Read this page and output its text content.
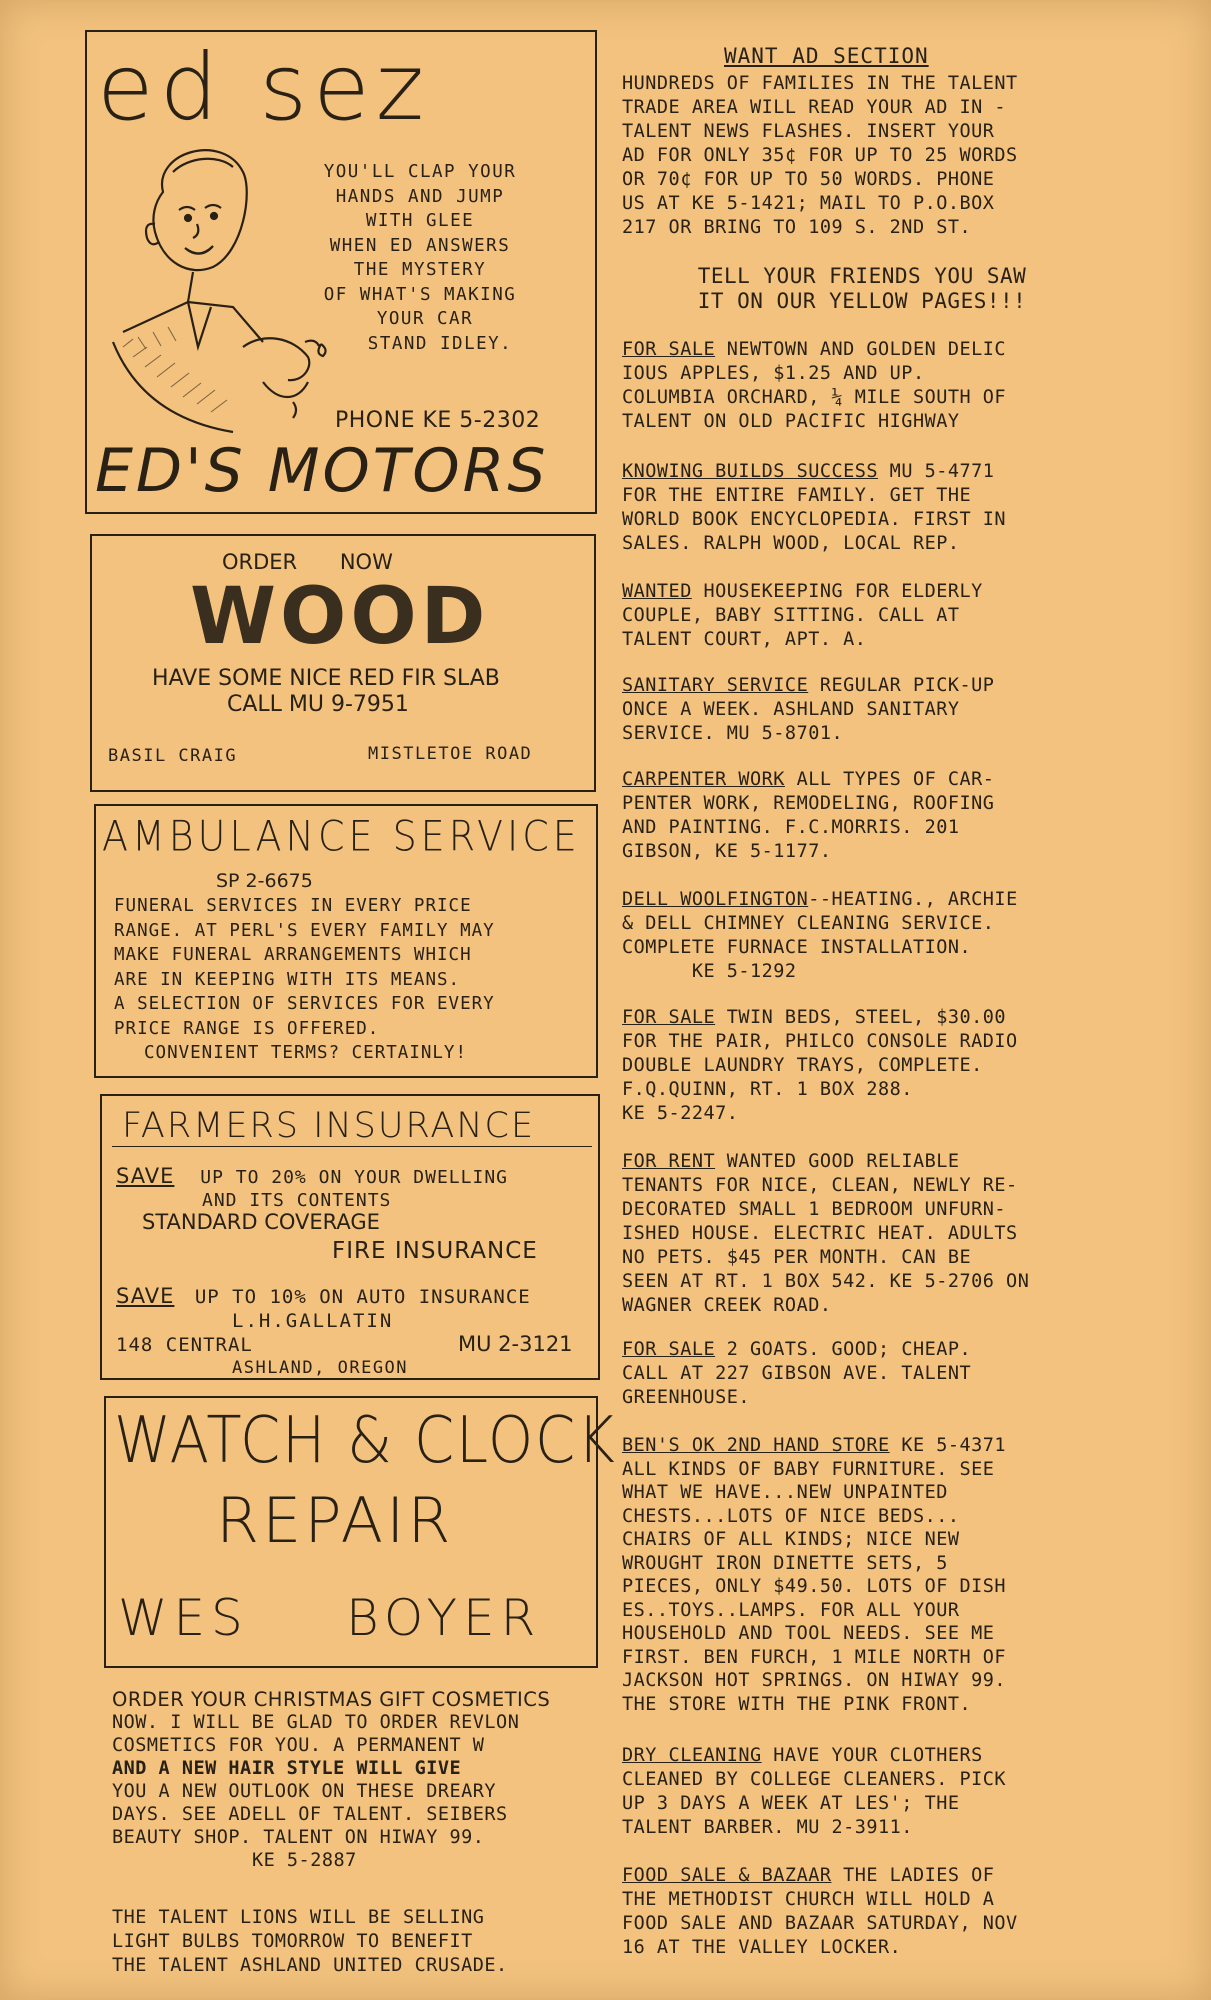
ed sez
YOU'LL CLAP YOUR
HANDS AND JUMP
WITH GLEE
WHEN ED ANSWERS
THE MYSTERY
OF WHAT'S MAKING
YOUR CAR
STAND IDLEY.
PHONE KE 5-2302
ED'S MOTORS
ORDER NOW
WOOD
HAVE SOME NICE RED FIR SLAB
CALL MU 9-7951
BASIL CRAIG	MISTLETOE ROAD
AMBULANCE SERVICE
SP 2-6675
FUNERAL SERVICES IN EVERY PRICE
RANGE. AT PERL'S EVERY FAMILY MAY
MAKE FUNERAL ARRANGEMENTS WHICH
ARE IN KEEPING WITH ITS MEANS.
A SELECTION OF SERVICES FOR EVERY
PRICE RANGE IS OFFERED.
CONVENIENT TERMS? CERTAINLY!
FARMERS INSURANCE
SAVE UP TO 20% ON YOUR DWELLING
AND ITS CONTENTS
STANDARD COVERAGE
FIRE INSURANCE
SAVE UP TO 10% ON AUTO INSURANCE
L.H.GALLATIN
148 CENTRAL	MU 2-3121
ASHLAND, OREGON
WATCH & CLOCK
REPAIR
WES BOYER
ORDER YOUR CHRISTMAS GIFT COSMETICS
NOW. I WILL BE GLAD TO ORDER REVLON
COSMETICS FOR YOU. A PERMANENT W
AND A NEW HAIR STYLE WILL GIVE
YOU A NEW OUTLOOK ON THESE DREARY
DAYS. SEE ADELL OF TALENT. SEIBERS
BEAUTY SHOP. TALENT ON HIWAY 99.
KE 5-2887
THE TALENT LIONS WILL BE SELLING
LIGHT BULBS TOMORROW TO BENEFIT
THE TALENT ASHLAND UNITED CRUSADE.
WANT AD SECTION
HUNDREDS OF FAMILIES IN THE TALENT
TRADE AREA WILL READ YOUR AD IN -
TALENT NEWS FLASHES. INSERT YOUR
AD FOR ONLY 35¢ FOR UP TO 25 WORDS
OR 70¢ FOR UP TO 50 WORDS. PHONE
US AT KE 5-1421; MAIL TO P.O.BOX
217 OR BRING TO 109 S. 2ND ST.
TELL YOUR FRIENDS YOU SAW
IT ON OUR YELLOW PAGES!!!
FOR SALE NEWTOWN AND GOLDEN DELIC
IOUS APPLES, $1.25 AND UP.
COLUMBIA ORCHARD, ¼ MILE SOUTH OF
TALENT ON OLD PACIFIC HIGHWAY
KNOWING BUILDS SUCCESS MU 5-4771
FOR THE ENTIRE FAMILY. GET THE
WORLD BOOK ENCYCLOPEDIA. FIRST IN
SALES. RALPH WOOD, LOCAL REP.
WANTED HOUSEKEEPING FOR ELDERLY
COUPLE, BABY SITTING. CALL AT
TALENT COURT, APT. A.
SANITARY SERVICE REGULAR PICK-UP
ONCE A WEEK. ASHLAND SANITARY
SERVICE. MU 5-8701.
CARPENTER WORK ALL TYPES OF CAR-
PENTER WORK, REMODELING, ROOFING
AND PAINTING. F.C.MORRIS. 201
GIBSON, KE 5-1177.
DELL WOOLFINGTON--HEATING., ARCHIE
& DELL CHIMNEY CLEANING SERVICE.
COMPLETE FURNACE INSTALLATION.
KE 5-1292
FOR SALE TWIN BEDS, STEEL, $30.00
FOR THE PAIR, PHILCO CONSOLE RADIO
DOUBLE LAUNDRY TRAYS, COMPLETE.
F.Q.QUINN, RT. 1 BOX 288.
KE 5-2247.
FOR RENT WANTED GOOD RELIABLE
TENANTS FOR NICE, CLEAN, NEWLY RE-
DECORATED SMALL 1 BEDROOM UNFURN-
ISHED HOUSE. ELECTRIC HEAT. ADULTS
NO PETS. $45 PER MONTH. CAN BE
SEEN AT RT. 1 BOX 542. KE 5-2706 ON
WAGNER CREEK ROAD.
FOR SALE 2 GOATS. GOOD; CHEAP.
CALL AT 227 GIBSON AVE. TALENT
GREENHOUSE.
BEN'S OK 2ND HAND STORE KE 5-4371
ALL KINDS OF BABY FURNITURE. SEE
WHAT WE HAVE...NEW UNPAINTED
CHESTS...LOTS OF NICE BEDS...
CHAIRS OF ALL KINDS; NICE NEW
WROUGHT IRON DINETTE SETS, 5
PIECES, ONLY $49.50. LOTS OF DISH
ES..TOYS..LAMPS. FOR ALL YOUR
HOUSEHOLD AND TOOL NEEDS. SEE ME
FIRST. BEN FURCH, 1 MILE NORTH OF
JACKSON HOT SPRINGS. ON HIWAY 99.
THE STORE WITH THE PINK FRONT.
DRY CLEANING HAVE YOUR CLOTHERS
CLEANED BY COLLEGE CLEANERS. PICK
UP 3 DAYS A WEEK AT LES'; THE
TALENT BARBER. MU 2-3911.
FOOD SALE & BAZAAR THE LADIES OF
THE METHODIST CHURCH WILL HOLD A
FOOD SALE AND BAZAAR SATURDAY, NOV
16 AT THE VALLEY LOCKER.
